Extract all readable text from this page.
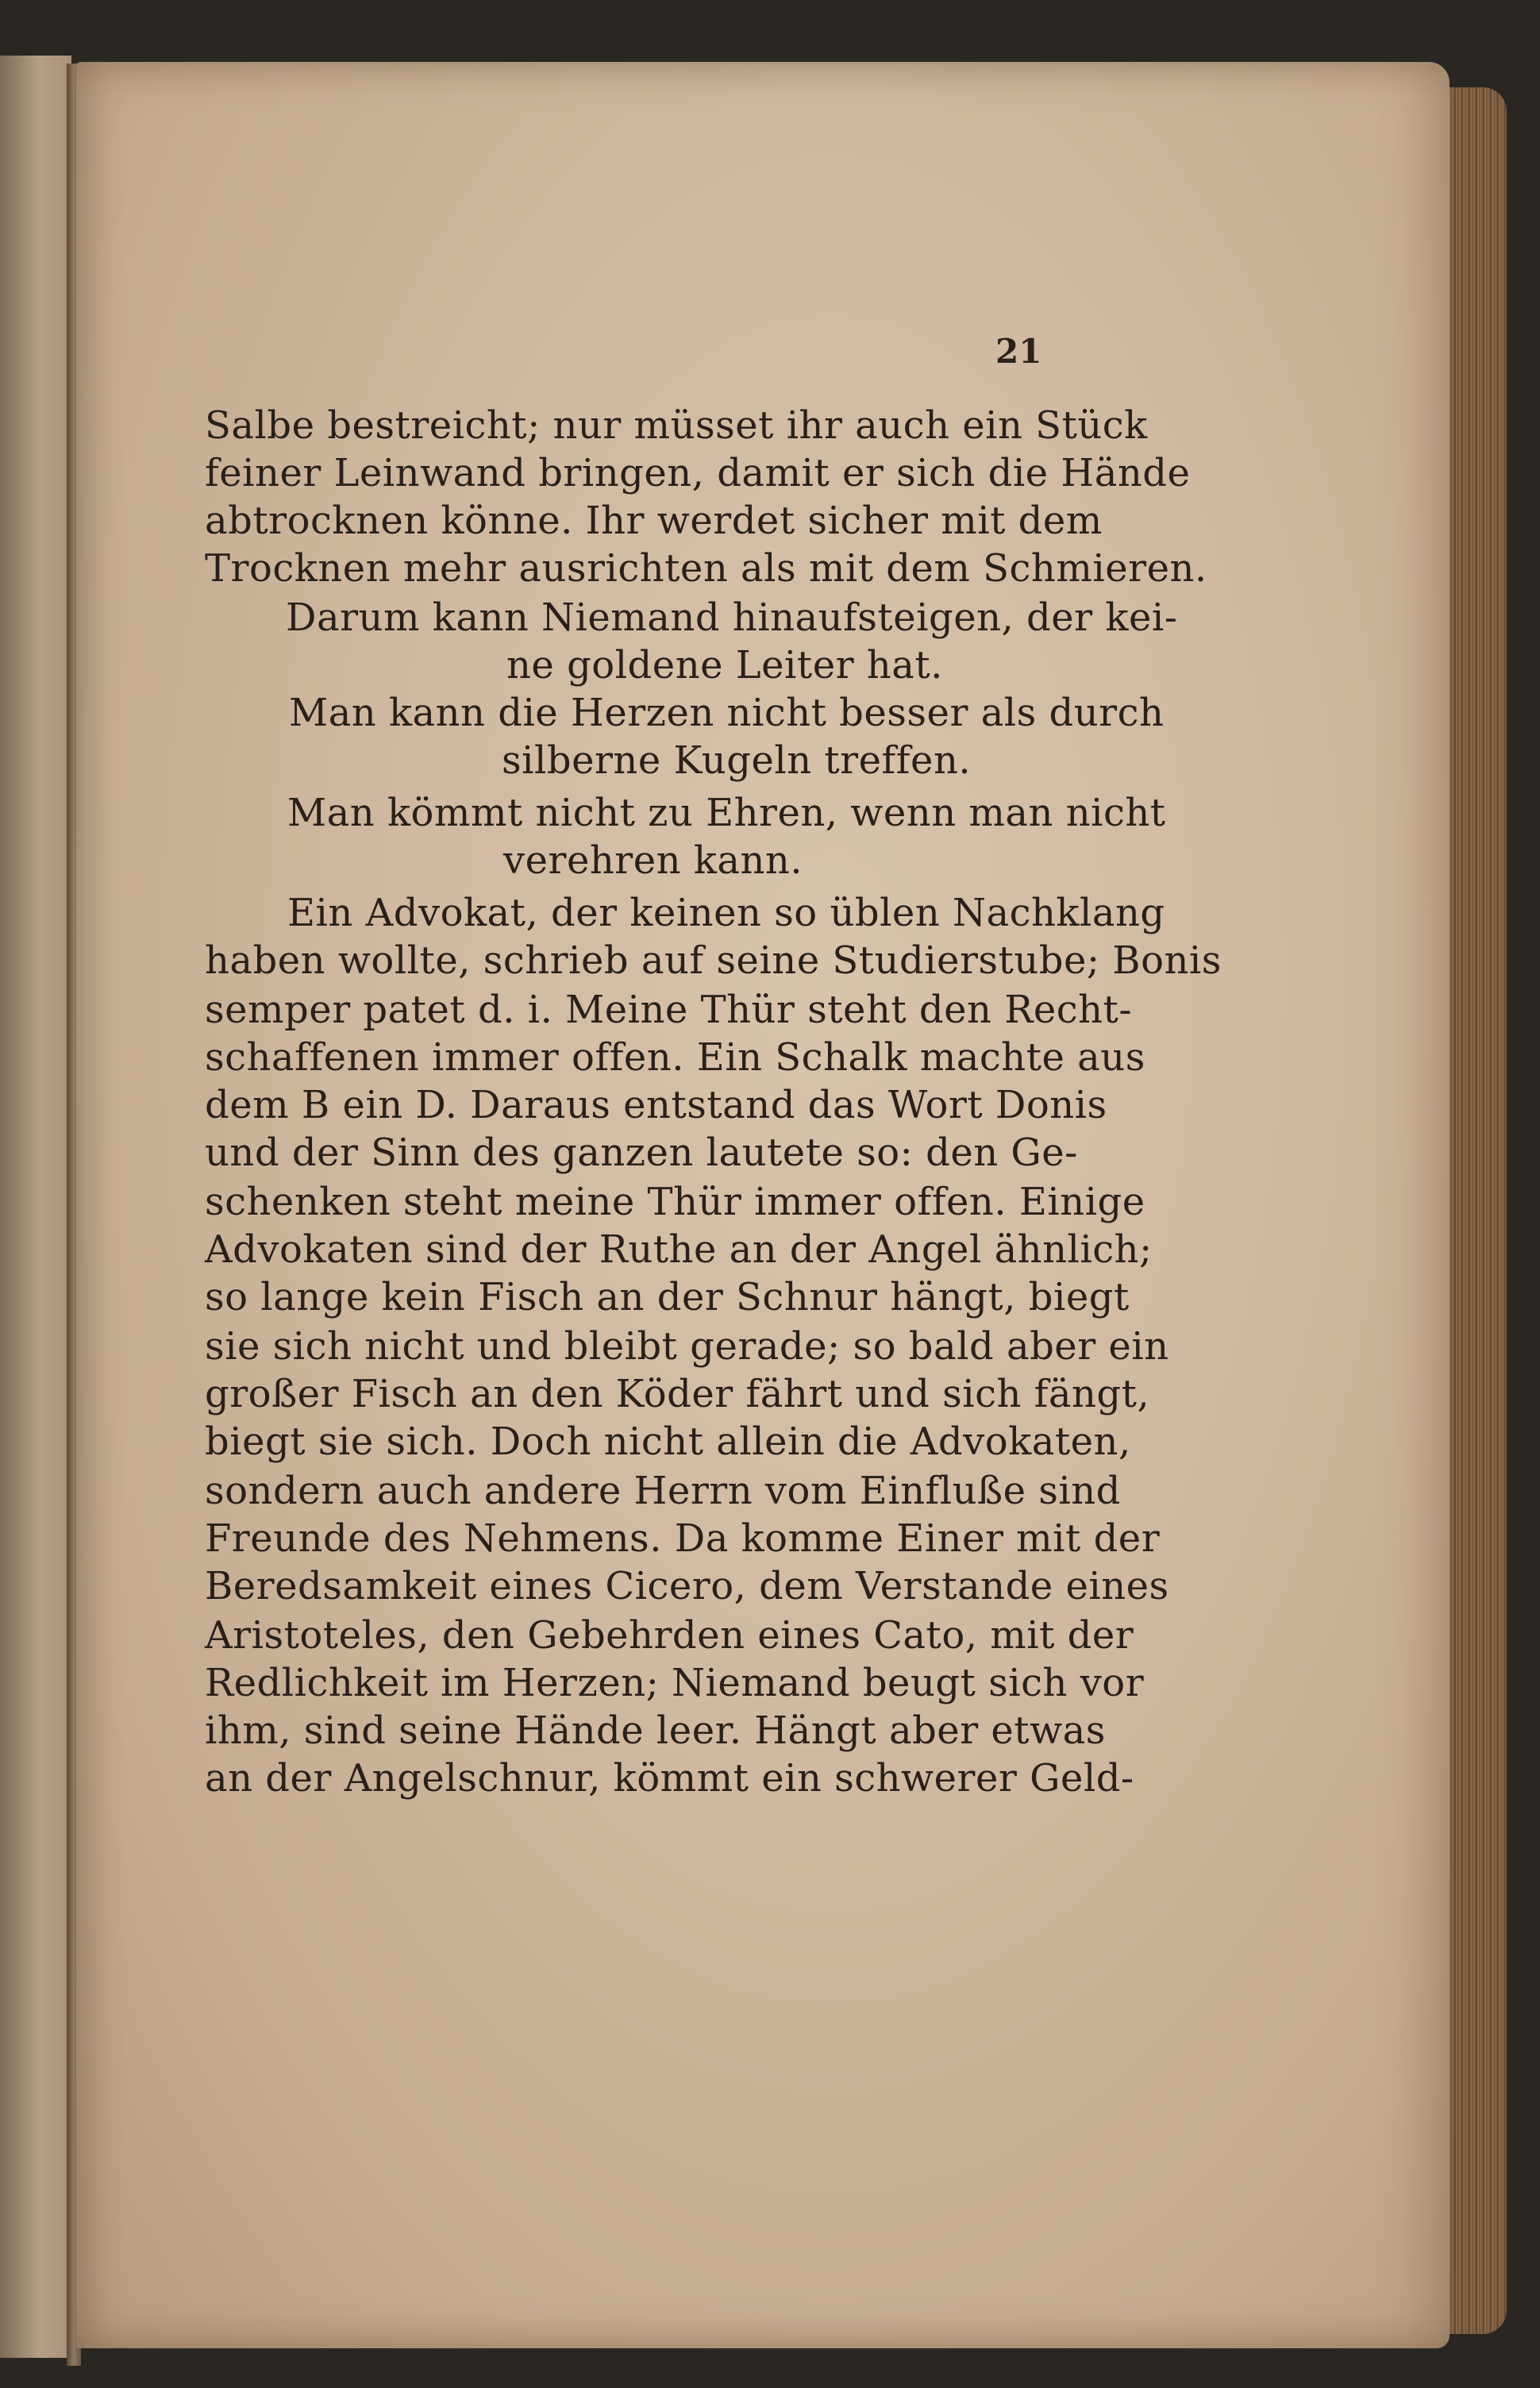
21
Salbe bestreicht; nur müsset ihr auch ein Stück
feiner Leinwand bringen, damit er sich die Hände
abtrocknen könne. Ihr werdet sicher mit dem
Trocknen mehr ausrichten als mit dem Schmieren.
Darum kann Niemand hinaufsteigen, der kei-
ne goldene Leiter hat.
Man kann die Herzen nicht besser als durch
silberne Kugeln treffen.
Man kömmt nicht zu Ehren, wenn man nicht
verehren kann.
Ein Advokat, der keinen so üblen Nachklang
haben wollte, schrieb auf seine Studierstube; Bonis
semper patet d. i. Meine Thür steht den Recht-
schaffenen immer offen. Ein Schalk machte aus
dem B ein D. Daraus entstand das Wort Donis
und der Sinn des ganzen lautete so: den Ge-
schenken steht meine Thür immer offen. Einige
Advokaten sind der Ruthe an der Angel ähnlich;
so lange kein Fisch an der Schnur hängt, biegt
sie sich nicht und bleibt gerade; so bald aber ein
großer Fisch an den Köder fährt und sich fängt,
biegt sie sich. Doch nicht allein die Advokaten,
sondern auch andere Herrn vom Einfluße sind
Freunde des Nehmens. Da komme Einer mit der
Beredsamkeit eines Cicero, dem Verstande eines
Aristoteles, den Gebehrden eines Cato, mit der
Redlichkeit im Herzen; Niemand beugt sich vor
ihm, sind seine Hände leer. Hängt aber etwas
an der Angelschnur, kömmt ein schwerer Geld-
